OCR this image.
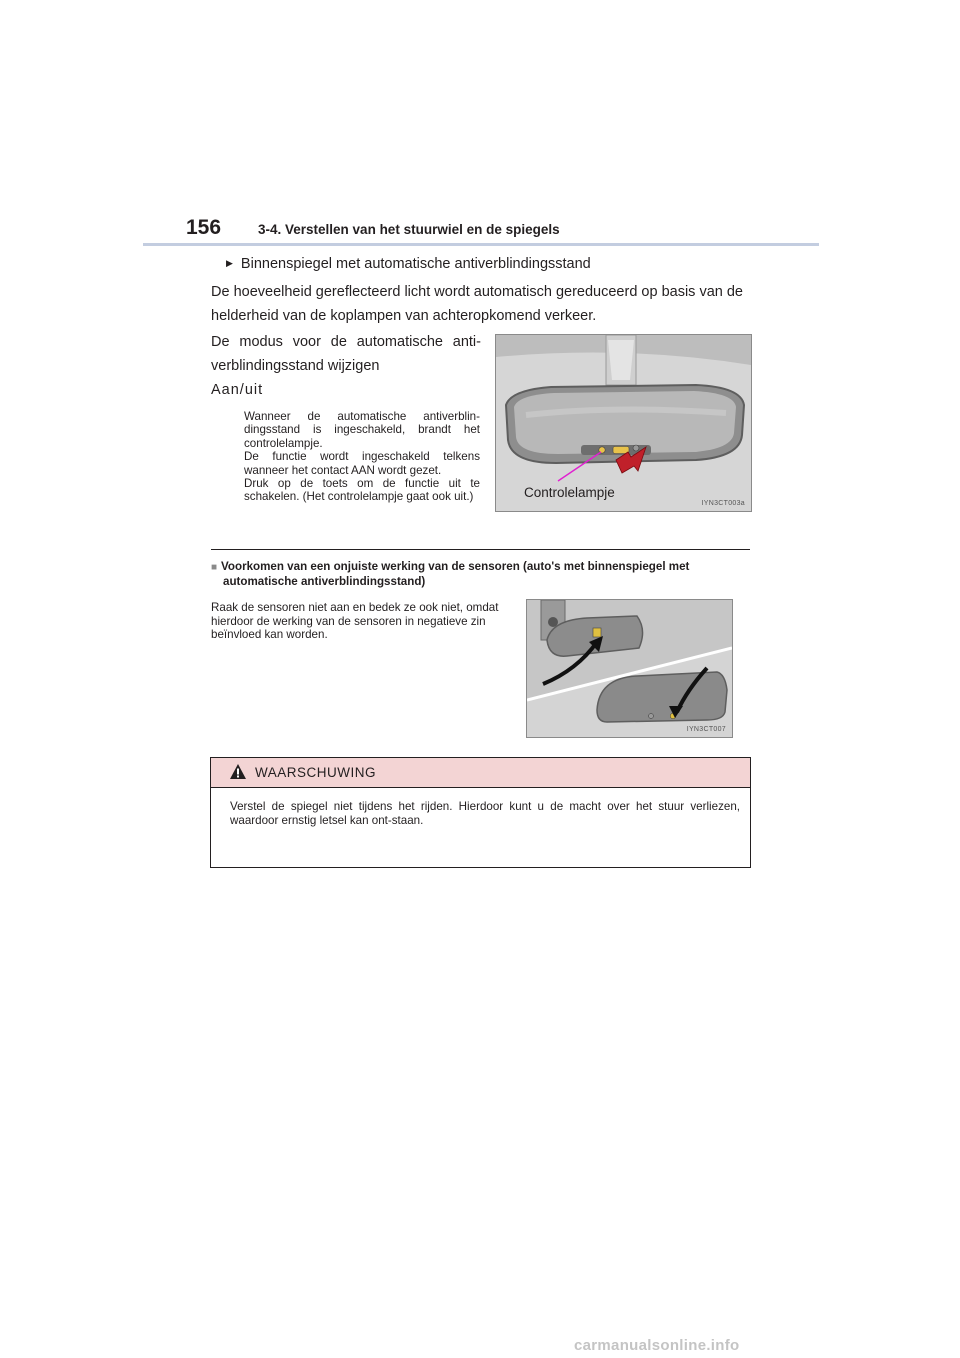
156	3-4. Verstellen van het stuurwiel en de spiegels
▶ Binnenspiegel met automatische antiverblindingsstand
De hoeveelheid gereflecteerd licht wordt automatisch gereduceerd op basis van de helderheid van de koplampen van achteropkomend verkeer.
De modus voor de automatische anti-verblindingsstand wijzigen
Aan/uit
Wanneer de automatische antiverblin-dingsstand is ingeschakeld, brandt het controlelampje.
De functie wordt ingeschakeld telkens wanneer het contact AAN wordt gezet.
Druk op de toets om de functie uit te schakelen. (Het controlelampje gaat ook uit.)	Controlelampje
IYN3CT003a
■ Voorkomen van een onjuiste werking van de sensoren (auto's met binnenspiegel met
automatische antiverblindingsstand)
Raak de sensoren niet aan en bedek ze ook niet, omdat hierdoor de werking van de sensoren in negatieve zin beïnvloed kan worden.
IYN3CT007
WAARSCHUWING
Verstel de spiegel niet tijdens het rijden. Hierdoor kunt u de macht over het stuur verliezen, waardoor ernstig letsel kan ont-staan.
carmanualsonline.info
